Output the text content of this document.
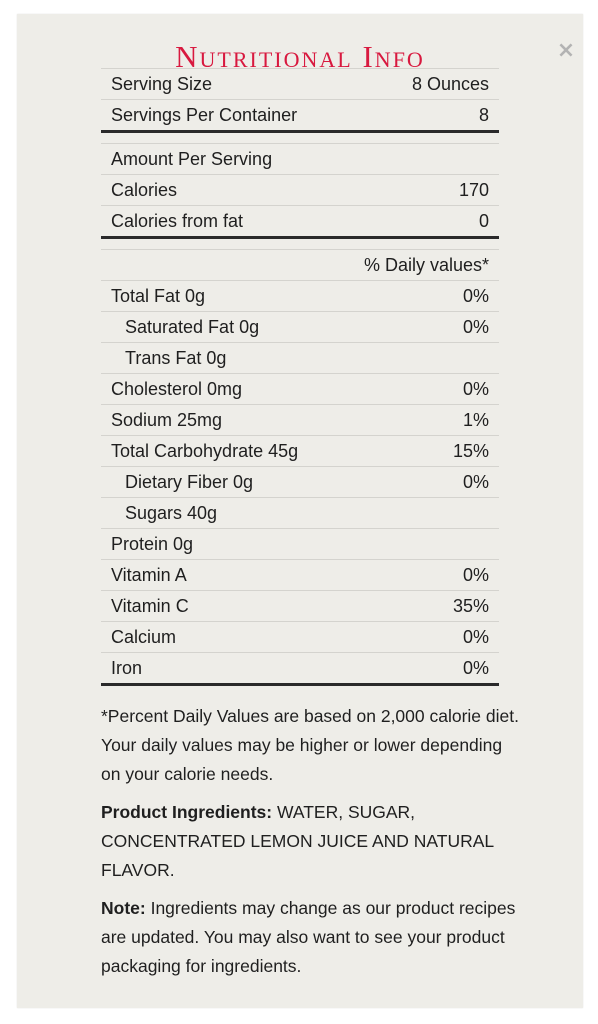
Nutritional Info	×
Serving Size	8 Ounces
Servings Per Container	8
Amount Per Serving
Calories	170
Calories from fat	0
% Daily values*
Total Fat 0g	0%
Saturated Fat 0g	0%
Trans Fat 0g
Cholesterol 0mg	0%
Sodium 25mg	1%
Total Carbohydrate 45g	15%
Dietary Fiber 0g	0%
Sugars 40g
Protein 0g
Vitamin A	0%
Vitamin C	35%
Calcium	0%
Iron	0%

*Percent Daily Values are based on 2,000 calorie diet. Your daily values may be higher or lower depending on your calorie needs.

Product Ingredients: WATER, SUGAR, CONCENTRATED LEMON JUICE AND NATURAL FLAVOR.

Note: Ingredients may change as our product recipes are updated. You may also want to see your product packaging for ingredients.
